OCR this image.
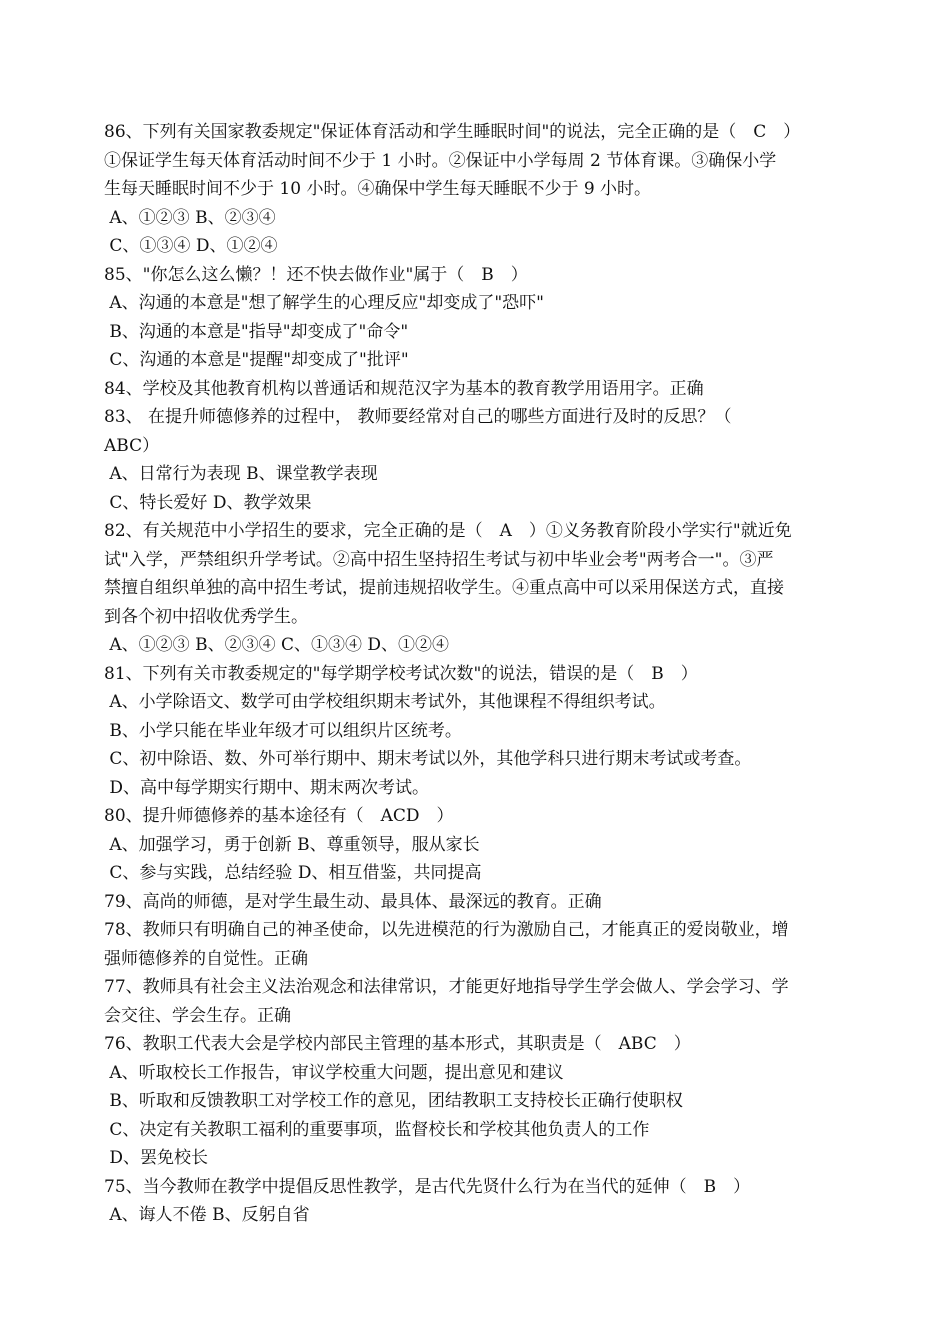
86、下列有关国家教委规定"保证体育活动和学生睡眠时间"的说法，完全正确的是（　C　）
①保证学生每天体育活动时间不少于 1 小时。②保证中小学每周 2 节体育课。③确保小学
生每天睡眠时间不少于 10 小时。④确保中学生每天睡眠不少于 9 小时。
A、①②③ B、②③④
C、①③④ D、①②④
85、"你怎么这么懒？！还不快去做作业"属于（　B　）
A、沟通的本意是"想了解学生的心理反应"却变成了"恐吓"
B、沟通的本意是"指导"却变成了"命令"
C、沟通的本意是"提醒"却变成了"批评"
84、学校及其他教育机构以普通话和规范汉字为基本的教育教学用语用字。正确
83、 在提升师德修养的过程中， 教师要经常对自己的哪些方面进行及时的反思？（
ABC）
A、日常行为表现 B、课堂教学表现
C、特长爱好 D、教学效果
82、有关规范中小学招生的要求，完全正确的是（　A　）①义务教育阶段小学实行"就近免
试"入学，严禁组织升学考试。②高中招生坚持招生考试与初中毕业会考"两考合一"。③严
禁擅自组织单独的高中招生考试，提前违规招收学生。④重点高中可以采用保送方式，直接
到各个初中招收优秀学生。
A、①②③ B、②③④ C、①③④ D、①②④
81、下列有关市教委规定的"每学期学校考试次数"的说法，错误的是（　B　）
A、小学除语文、数学可由学校组织期末考试外，其他课程不得组织考试。
B、小学只能在毕业年级才可以组织片区统考。
C、初中除语、数、外可举行期中、期末考试以外，其他学科只进行期末考试或考查。
D、高中每学期实行期中、期末两次考试。
80、提升师德修养的基本途径有（　ACD　）
A、加强学习，勇于创新 B、尊重领导，服从家长
C、参与实践，总结经验 D、相互借鉴，共同提高
79、高尚的师德，是对学生最生动、最具体、最深远的教育。正确
78、教师只有明确自己的神圣使命，以先进模范的行为激励自己，才能真正的爱岗敬业，增
强师德修养的自觉性。正确
77、教师具有社会主义法治观念和法律常识，才能更好地指导学生学会做人、学会学习、学
会交往、学会生存。正确
76、教职工代表大会是学校内部民主管理的基本形式，其职责是（　ABC　）
A、听取校长工作报告，审议学校重大问题，提出意见和建议
B、听取和反馈教职工对学校工作的意见，团结教职工支持校长正确行使职权
C、决定有关教职工福利的重要事项，监督校长和学校其他负责人的工作
D、罢免校长
75、当今教师在教学中提倡反思性教学，是古代先贤什么行为在当代的延伸（　B　）
A、诲人不倦 B、反躬自省
